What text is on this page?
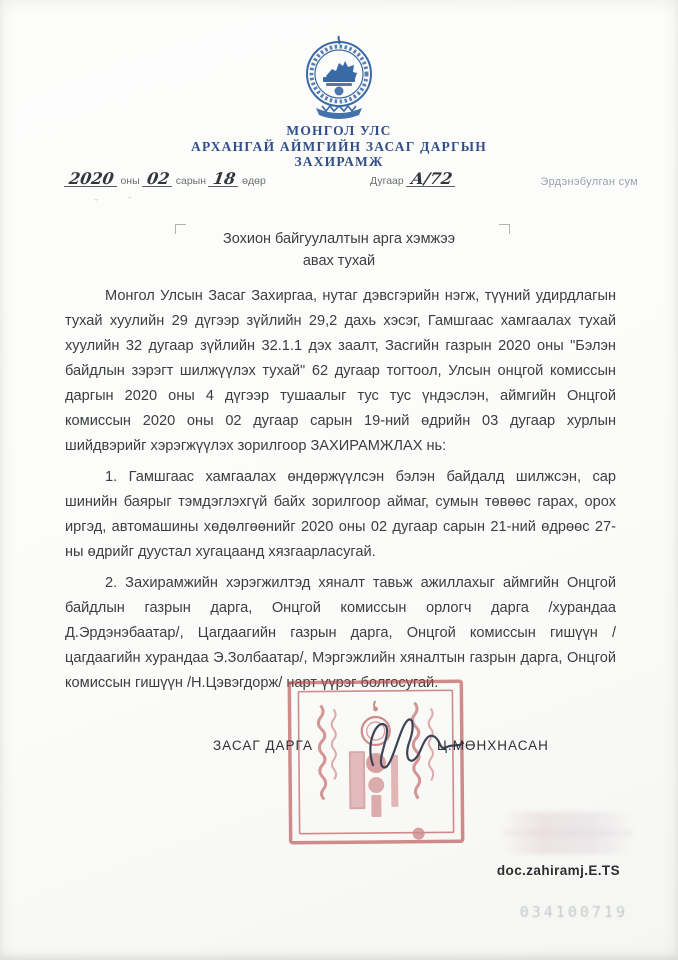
МОНГОЛ УЛС
АРХАНГАЙ АЙМГИЙН ЗАСАГ ДАРГЫН
ЗАХИРАМЖ
2020 оны 02 сарын 18 өдөр	Дугаар А/72	Эрдэнэбулган сум
ˇ ˇ
Зохион байгуулалтын арга хэмжээ
авах тухай

Монгол Улсын Засаг Захиргаа, нутаг дэвсгэрийн нэгж, түүний удирдлагын тухай хуулийн 29 дүгээр зүйлийн 29,2 дахь хэсэг, Гамшгаас хамгаалах тухай хуулийн 32 дугаар зүйлийн 32.1.1 дэх заалт, Засгийн газрын 2020 оны "Бэлэн байдлын зэрэгт шилжүүлэх тухай" 62 дугаар тогтоол, Улсын онцгой комиссын даргын 2020 оны 4 дүгээр тушаалыг тус тус үндэслэн, аймгийн Онцгой комиссын 2020 оны 02 дугаар сарын 19-ний өдрийн 03 дугаар хурлын шийдвэрийг хэрэгжүүлэх зорилгоор ЗАХИРАМЖЛАХ нь:

1. Гамшгаас хамгаалах өндөржүүлсэн бэлэн байдалд шилжсэн, сар шинийн баярыг тэмдэглэхгүй байх зорилгоор аймаг, сумын төвөөс гарах, орох иргэд, автомашины хөдөлгөөнийг 2020 оны 02 дугаар сарын 21-ний өдрөөс 27-ны өдрийг дуустал хугацаанд хязгаарласугай.

2. Захирамжийн хэрэгжилтэд хяналт тавьж ажиллахыг аймгийн Онцгой байдлын газрын дарга, Онцгой комиссын орлогч дарга /хурандаа Д.Эрдэнэбаатар/, Цагдаагийн газрын дарга, Онцгой комиссын гишүүн /цагдаагийн хурандаа Э.Золбаатар/, Мэргэжлийн хяналтын газрын дарга, Онцгой комиссын гишүүн /Н.Цэвэгдорж/ нарт үүрэг болгосугай.

ЗАСАГ ДАРГА	Ц.МӨНХНАСАН
doc.zahiramj.E.TS
034100719
